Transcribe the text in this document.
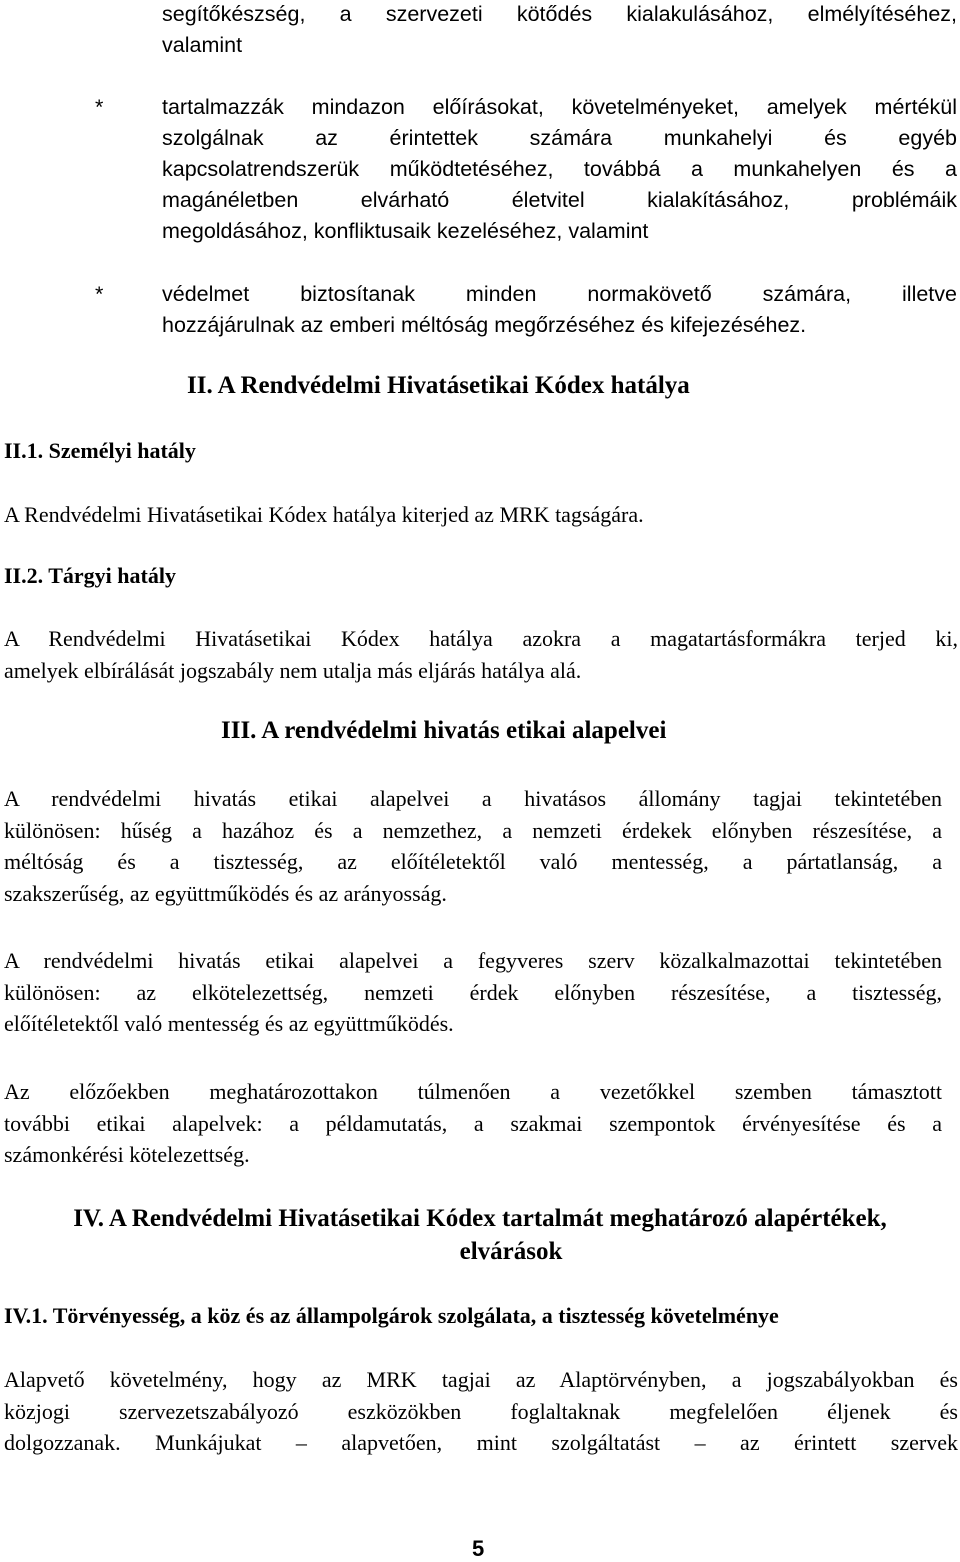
segítőkészség, a szervezeti kötődés kialakulásához, elmélyítéséhez,
valamint
*	tartalmazzák mindazon előírásokat, követelményeket, amelyek mértékül
szolgálnak az érintettek számára munkahelyi és egyéb
kapcsolatrendszerük működtetéséhez, továbbá a munkahelyen és a
magánéletben elvárható életvitel kialakításához, problémáik
megoldásához, konfliktusaik kezeléséhez, valamint
*	védelmet biztosítanak minden normakövető számára, illetve
hozzájárulnak az emberi méltóság megőrzéséhez és kifejezéséhez.
II. A Rendvédelmi Hivatásetikai Kódex hatálya
II.1. Személyi hatály
A Rendvédelmi Hivatásetikai Kódex hatálya kiterjed az MRK tagságára.
II.2. Tárgyi hatály
A Rendvédelmi Hivatásetikai Kódex hatálya azokra a magatartásformákra terjed ki,
amelyek elbírálását jogszabály nem utalja más eljárás hatálya alá.
III. A rendvédelmi hivatás etikai alapelvei
A rendvédelmi hivatás etikai alapelvei a hivatásos állomány tagjai tekintetében
különösen: hűség a hazához és a nemzethez, a nemzeti érdekek előnyben részesítése, a
méltóság és a tisztesség, az előítéletektől való mentesség, a pártatlanság, a
szakszerűség, az együttműködés és az arányosság.
A rendvédelmi hivatás etikai alapelvei a fegyveres szerv közalkalmazottai tekintetében
különösen: az elkötelezettség, nemzeti érdek előnyben részesítése, a tisztesség,
előítéletektől való mentesség és az együttműködés.
Az előzőekben meghatározottakon túlmenően a vezetőkkel szemben támasztott
további etikai alapelvek: a példamutatás, a szakmai szempontok érvényesítése és a
számonkérési kötelezettség.
IV. A Rendvédelmi Hivatásetikai Kódex tartalmát meghatározó alapértékek,
elvárások
IV.1. Törvényesség, a köz és az állampolgárok szolgálata, a tisztesség követelménye
Alapvető követelmény, hogy az MRK tagjai az Alaptörvényben, a jogszabályokban és
közjogi szervezetszabályozó eszközökben foglaltaknak megfelelően éljenek és
dolgozzanak. Munkájukat – alapvetően, mint szolgáltatást – az érintett szervek
5
